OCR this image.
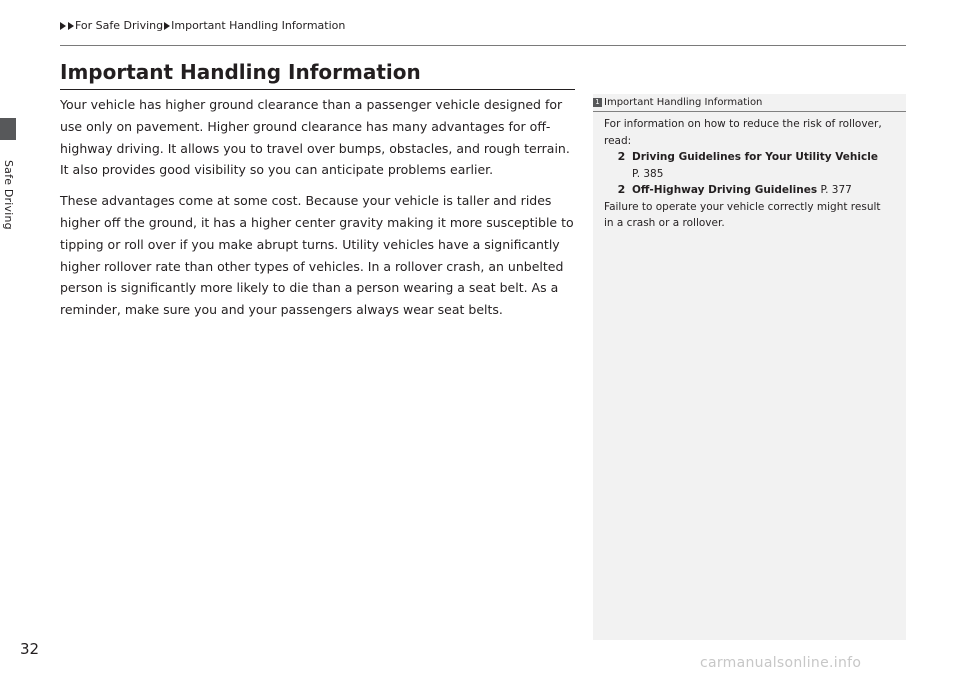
Safe Driving
For Safe Driving Important Handling Information
Important Handling Information

Your vehicle has higher ground clearance than a passenger vehicle designed for use only on pavement. Higher ground clearance has many advantages for off-highway driving. It allows you to travel over bumps, obstacles, and rough terrain. It also provides good visibility so you can anticipate problems earlier.

These advantages come at some cost. Because your vehicle is taller and rides higher off the ground, it has a higher center gravity making it more susceptible to tipping or roll over if you make abrupt turns. Utility vehicles have a significantly higher rollover rate than other types of vehicles. In a rollover crash, an unbelted person is significantly more likely to die than a person wearing a seat belt. As a reminder, make sure you and your passengers always wear seat belts.

1 Important Handling Information
For information on how to reduce the risk of rollover,
read:
2 Driving Guidelines for Your Utility Vehicle
P. 385
2 Off-Highway Driving Guidelines P. 377
Failure to operate your vehicle correctly might result
in a crash or a rollover.
32
carmanualsonline.info
